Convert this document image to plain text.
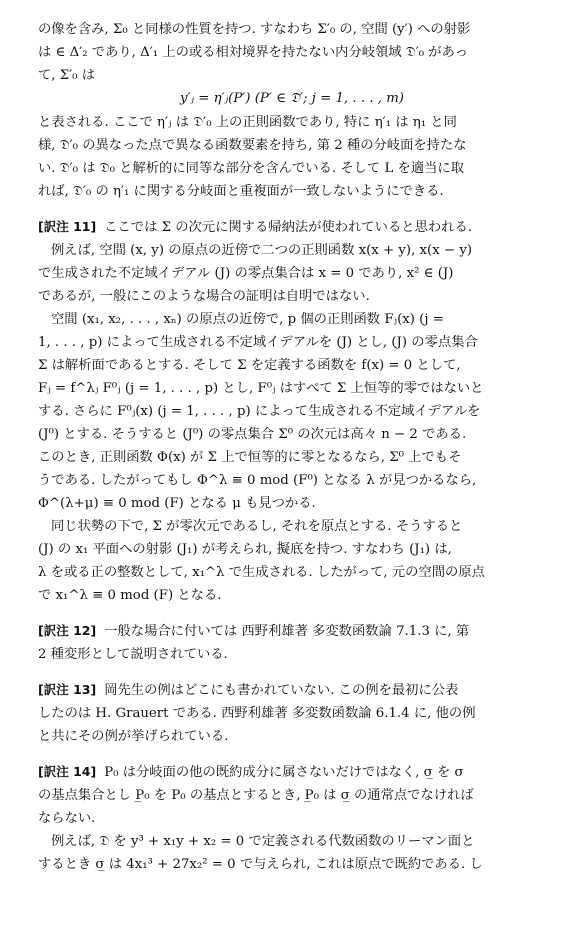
の像を含み, Σ₀ と同様の性質を持つ. すなわち Σ′₀ の, 空間 (y′) への射影

は ∈ Δ′₂ であり, Δ′₁ 上の或る相対境界を持たない内分岐領域 𝔇′₀ があっ

て, Σ′₀ は

y′ⱼ = η′ⱼ(P′) (P′ ∈ 𝔇′; j = 1, . . . , m)

と表される. ここで η′ⱼ は 𝔇′₀ 上の正則函数であり, 特に η′₁ は η₁ と同

様, 𝔇′₀ の異なった点で異なる函数要素を持ち, 第 2 種の分岐面を持たな

い. 𝔇′₀ は 𝔇₀ と解析的に同等な部分を含んでいる. そして L を適当に取

れば, 𝔇′₀ の η′₁ に関する分岐面と重複面が一致しないようにできる.

[訳注 11] ここでは Σ の次元に関する帰納法が使われていると思われる.

例えば, 空間 (x, y) の原点の近傍で二つの正則函数 x(x + y), x(x − y)

で生成された不定域イデアル (J) の零点集合は x = 0 であり, x² ∈ (J)

であるが, 一般にこのような場合の証明は自明ではない.

空間 (x₁, x₂, . . . , xₙ) の原点の近傍で, p 個の正則函数 Fⱼ(x) (j =

1, . . . , p) によって生成される不定域イデアルを (J) とし, (J) の零点集合

Σ は解析面であるとする. そして Σ を定義する函数を f(x) = 0 として,

Fⱼ = f^λⱼ F⁰ⱼ (j = 1, . . . , p) とし, F⁰ⱼ はすべて Σ 上恒等的零ではないと

する. さらに F⁰ⱼ(x) (j = 1, . . . , p) によって生成される不定域イデアルを

(J⁰) とする. そうすると (J⁰) の零点集合 Σ⁰ の次元は高々 n − 2 である.

このとき, 正則函数 Φ(x) が Σ 上で恒等的に零となるなら, Σ⁰ 上でもそ

うである. したがってもし Φ^λ ≡ 0 mod (F⁰) となる λ が見つかるなら,

Φ^(λ+μ) ≡ 0 mod (F) となる μ も見つかる.

同じ状勢の下で, Σ が零次元であるし, それを原点とする. そうすると

(J) の x₁ 平面への射影 (J₁) が考えられ, 擬底を持つ. すなわち (J₁) は,

λ を或る正の整数として, x₁^λ で生成される. したがって, 元の空間の原点

で x₁^λ ≡ 0 mod (F) となる.

[訳注 12] 一般な場合に付いては 西野利雄著 多変数函数論 7.1.3 に, 第

2 種変形として説明されている.

[訳注 13] 岡先生の例はどこにも書かれていない. この例を最初に公表

したのは H. Grauert である. 西野利雄著 多変数函数論 6.1.4 に, 他の例

と共にその例が挙げられている.

[訳注 14] P₀ は分岐面の他の既約成分に属さないだけではなく, σ̲ を σ

の基点集合とし P̲₀ を P₀ の基点とするとき, P̲₀ は σ̲ の通常点でなければ

ならない.

例えば, 𝔇 を y³ + x₁y + x₂ = 0 で定義される代数函数のリーマン面と

するとき σ̲ は 4x₁³ + 27x₂² = 0 で与えられ, これは原点で既約である. し
